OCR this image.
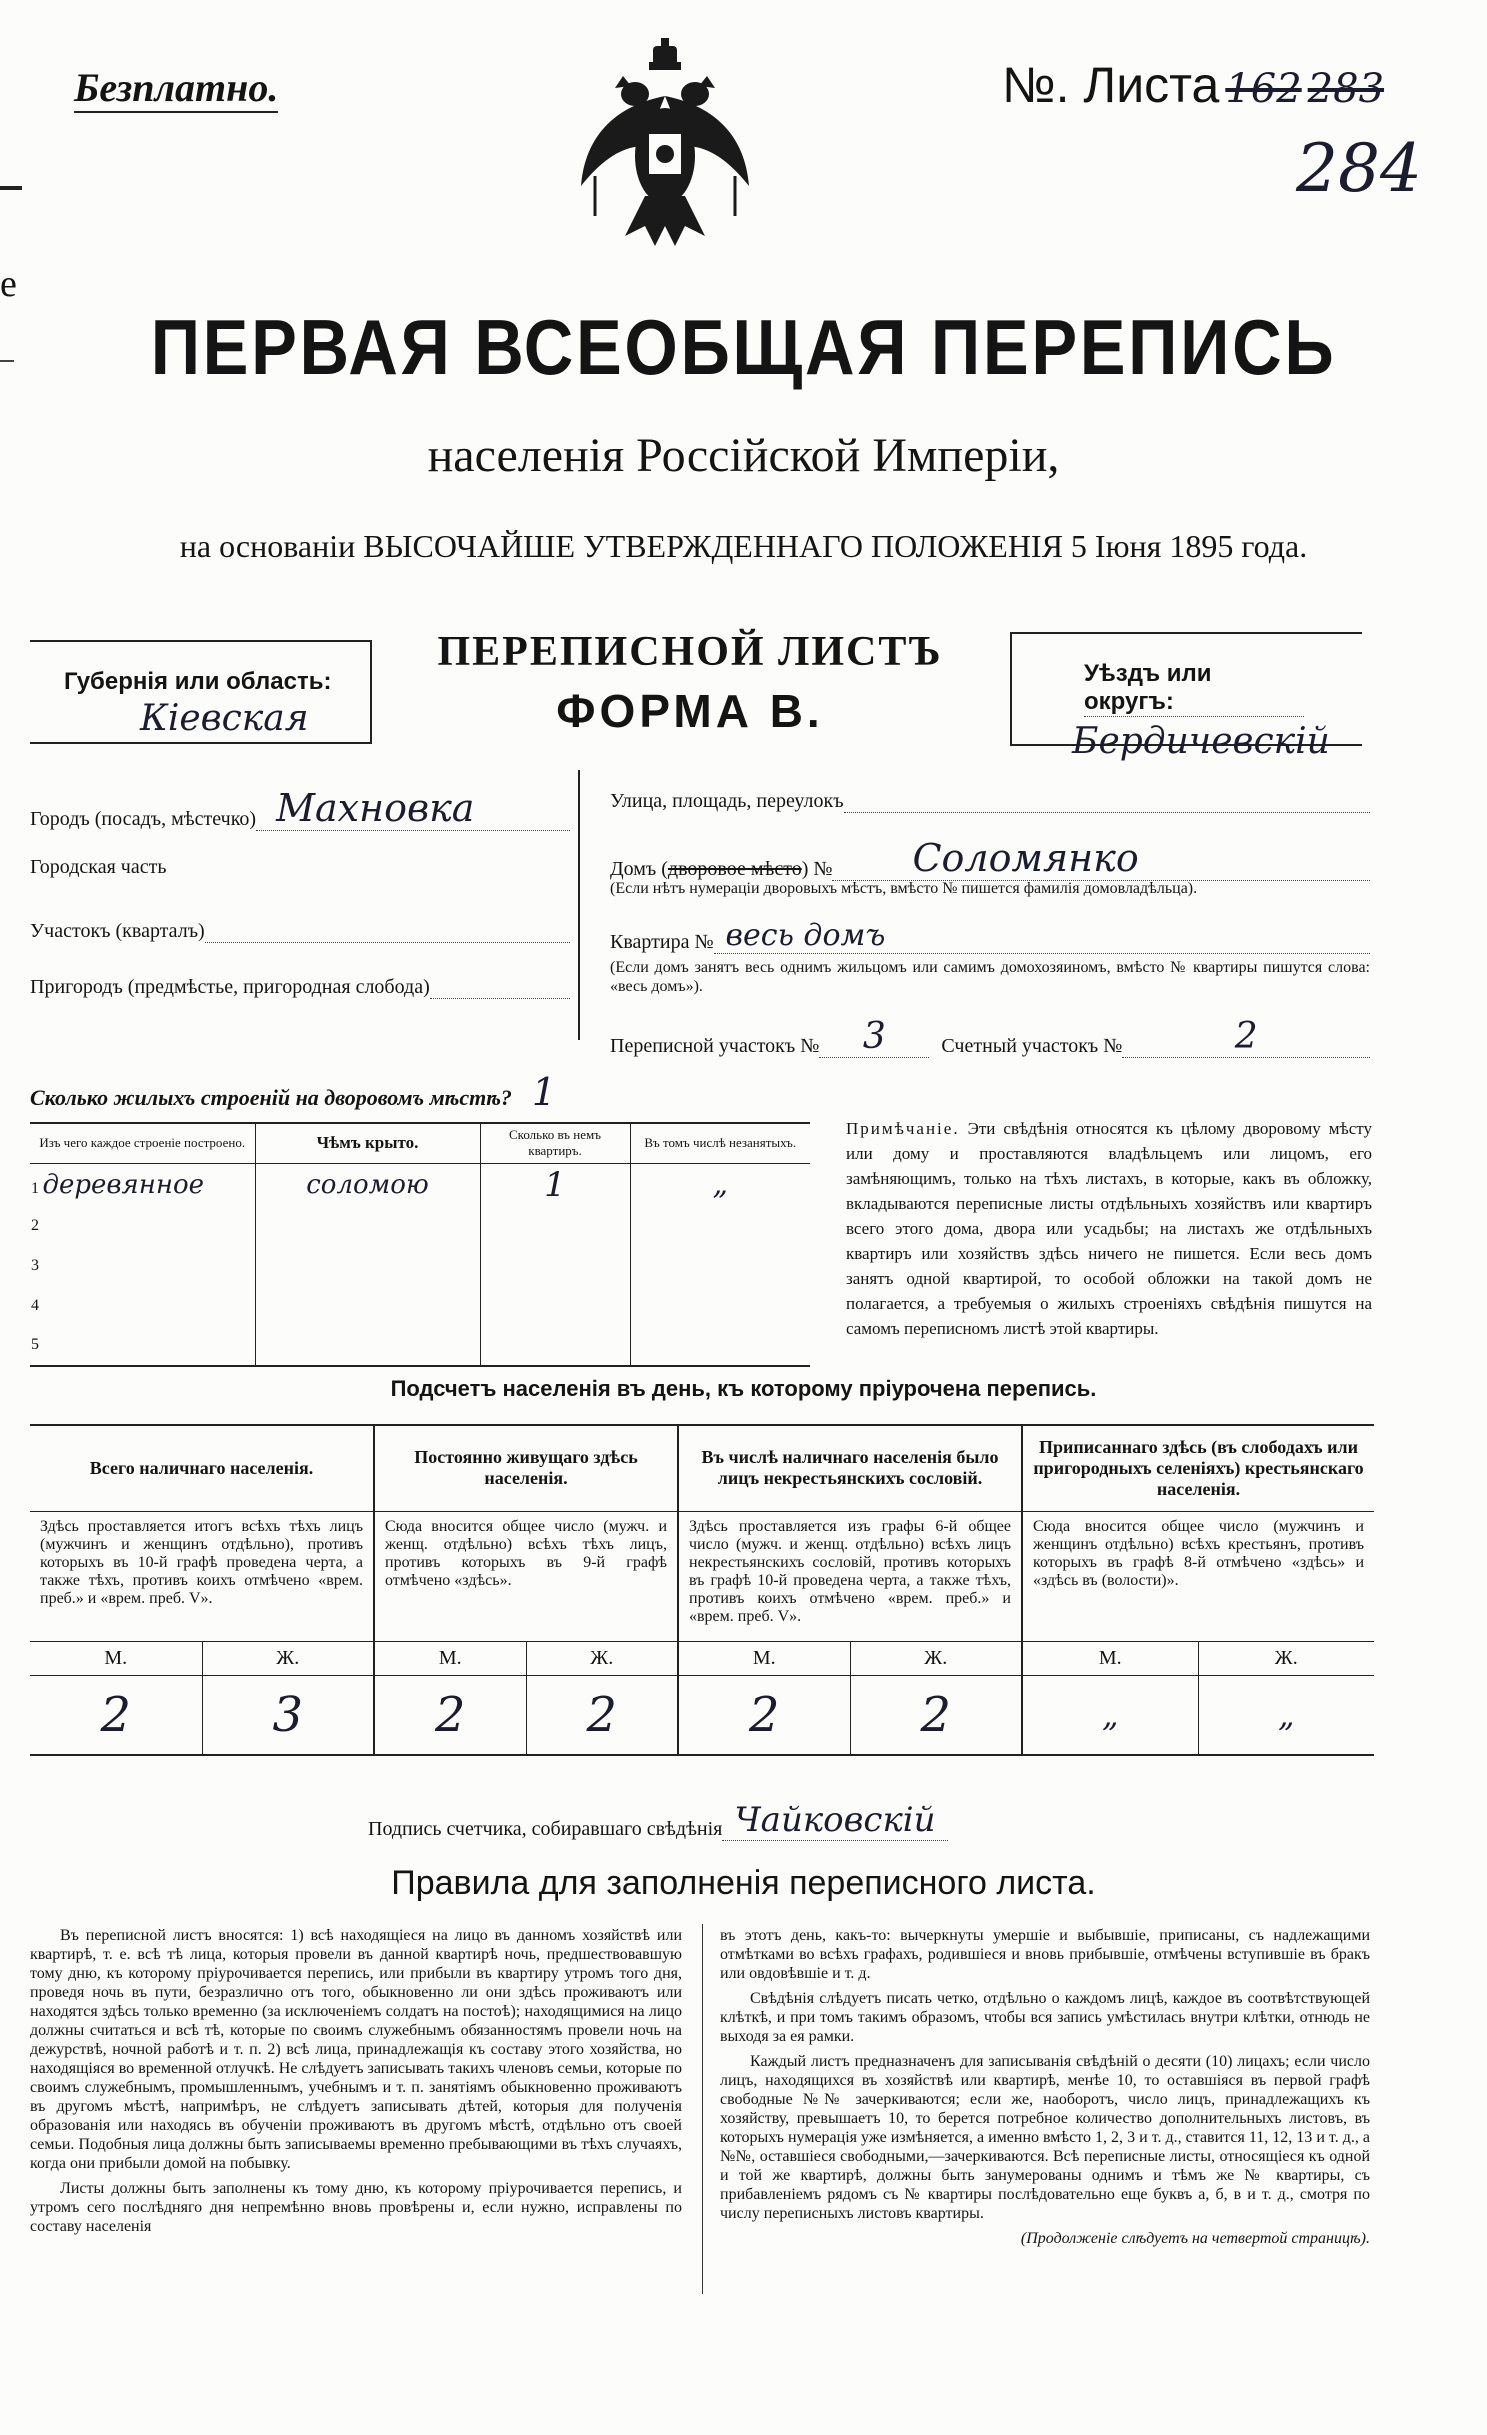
е
Безплатно.	№. Листа 162 283
284
ПЕРВАЯ ВСЕОБЩАЯ ПЕРЕПИСЬ
населенія Россійской Имперіи,
на основаніи ВЫСОЧАЙШЕ УТВЕРЖДЕННАГО ПОЛОЖЕНІЯ 5 Іюня 1895 года.
Губернія или область:
Кіевская
ПЕРЕПИСНОЙ ЛИСТЪ
ФОРМА В.
Уѣздъ или округъ:
Бердичевскій
Городъ (посадъ, мѣстечко) Махновка
Городская часть
Участокъ (кварталъ)
Пригородъ (предмѣстье, пригородная слобода)
Улица, площадь, переулокъ
Домъ (дворовое мѣсто) №	Соломянко
(Если нѣтъ нумераціи дворовыхъ мѣстъ, вмѣсто № пишется фамилія домовладѣльца).
Квартира № весь домъ
(Если домъ занятъ весь однимъ жильцомъ или самимъ домохозяиномъ, вмѣсто № квартиры пишутся слова: «весь домъ»).
Переписной участокъ №	3	Счетный участокъ №	2
Сколько жилыхъ строеній на дворовомъ мѣстѣ? 1
Изъ чего каждое строеніе построено.	Чѣмъ крыто.	Сколько въ немъ квартиръ.	Въ томъ числѣ незанятыхъ.
1 деревянное	соломою	1	„
2			
3			
4			
5			
Примѣчаніе. Эти свѣдѣнія относятся къ цѣлому дворовому мѣсту или дому и проставляются владѣльцемъ или лицомъ, его замѣняющимъ, только на тѣхъ листахъ, в которые, какъ въ обложку, вкладываются переписные листы отдѣльныхъ хозяйствъ или квартиръ всего этого дома, двора или усадьбы; на листахъ же отдѣльныхъ квартиръ или хозяйствъ здѣсь ничего не пишется. Если весь домъ занятъ одной квартирой, то особой обложки на такой домъ не полагается, а требуемыя о жилыхъ строеніяхъ свѣдѣнія пишутся на самомъ переписномъ листѣ этой квартиры.
Подсчетъ населенія въ день, къ которому пріурочена перепись.
Всего наличнаго населенія.		Постоянно живущаго здѣсь населенія.		Въ числѣ наличнаго населенія было лицъ некрестьянскихъ сословій.		Приписаннаго здѣсь (въ слободахъ или пригородныхъ селеніяхъ) крестьянскаго населенія.	
Здѣсь проставляется итогъ всѣхъ тѣхъ лицъ (мужчинъ и женщинъ отдѣльно), противъ которыхъ въ 10-й графѣ проведена черта, а также тѣхъ, противъ коихъ отмѣчено «врем. преб.» и «врем. преб. V».		Сюда вносится общее число (мужч. и женщ. отдѣльно) всѣхъ тѣхъ лицъ, противъ которыхъ въ 9-й графѣ отмѣчено «здѣсь».		Здѣсь проставляется изъ графы 6-й общее число (мужч. и женщ. отдѣльно) всѣхъ лицъ некрестьянскихъ сословій, противъ которыхъ въ графѣ 10-й проведена черта, а также тѣхъ, противъ коихъ отмѣчено «врем. преб.» и «врем. преб. V».		Сюда вносится общее число (мужчинъ и женщинъ отдѣльно) всѣхъ крестьянъ, противъ которыхъ въ графѣ 8-й отмѣчено «здѣсь» и «здѣсь въ (волости)».	
М.	Ж.	М.	Ж.	М.	Ж.	М.	Ж.
2	3	2	2	2	2	„	„
Подпись счетчика, собиравшаго свѣдѣнія Чайковскій
Правила для заполненія переписного листа.

Въ переписной листъ вносятся: 1) всѣ находящіеся на лицо въ данномъ хозяйствѣ или квартирѣ, т. е. всѣ тѣ лица, которыя провели въ данной квартирѣ ночь, предшествовавшую тому дню, къ которому пріурочивается перепись, или прибыли въ квартиру утромъ того дня, проведя ночь въ пути, безразлично отъ того, обыкновенно ли они здѣсь проживаютъ или находятся здѣсь только временно (за исключеніемъ солдатъ на постоѣ); находящимися на лицо должны считаться и всѣ тѣ, которые по своимъ служебнымъ обязанностямъ провели ночь на дежурствѣ, ночной работѣ и т. п. 2) всѣ лица, принадлежащія къ составу этого хозяйства, но находящіяся во временной отлучкѣ. Не слѣдуетъ записывать такихъ членовъ семьи, которые по своимъ служебнымъ, промышленнымъ, учебнымъ и т. п. занятіямъ обыкновенно проживаютъ въ другомъ мѣстѣ, напримѣръ, не слѣдуетъ записывать дѣтей, которыя для полученія образованія или находясь въ обученіи проживаютъ въ другомъ мѣстѣ, отдѣльно отъ своей семьи. Подобныя лица должны быть записываемы временно пребывающими въ тѣхъ случаяхъ, когда они прибыли домой на побывку.

Листы должны быть заполнены къ тому дню, къ которому пріурочивается перепись, и утромъ сего послѣдняго дня непремѣнно вновь провѣрены и, если нужно, исправлены по составу населенія

въ этотъ день, какъ-то: вычеркнуты умершіе и выбывшіе, приписаны, съ надлежащими отмѣтками во всѣхъ графахъ, родившіеся и вновь прибывшіе, отмѣчены вступившіе въ бракъ или овдовѣвшіе и т. д.

Свѣдѣнія слѣдуетъ писать четко, отдѣльно о каждомъ лицѣ, каждое въ соотвѣтствующей клѣткѣ, и при томъ такимъ образомъ, чтобы вся запись умѣстилась внутри клѣтки, отнюдь не выходя за ея рамки.

Каждый листъ предназначенъ для записыванія свѣдѣній о десяти (10) лицахъ; если число лицъ, находящихся въ хозяйствѣ или квартирѣ, менѣе 10, то оставшіяся въ первой графѣ свободные №№ зачеркиваются; если же, наоборотъ, число лицъ, принадлежащихъ къ хозяйству, превышаетъ 10, то берется потребное количество дополнительныхъ листовъ, въ которыхъ нумерація уже измѣняется, а именно вмѣсто 1, 2, 3 и т. д., ставится 11, 12, 13 и т. д., а №№, оставшіеся свободными,—зачеркиваются. Всѣ переписные листы, относящіеся къ одной и той же квартирѣ, должны быть занумерованы однимъ и тѣмъ же № квартиры, съ прибавленіемъ рядомъ съ № квартиры послѣдовательно еще буквъ а, б, в и т. д., смотря по числу переписныхъ листовъ квартиры.

(Продолженіе слѣдуетъ на четвертой страницѣ).
